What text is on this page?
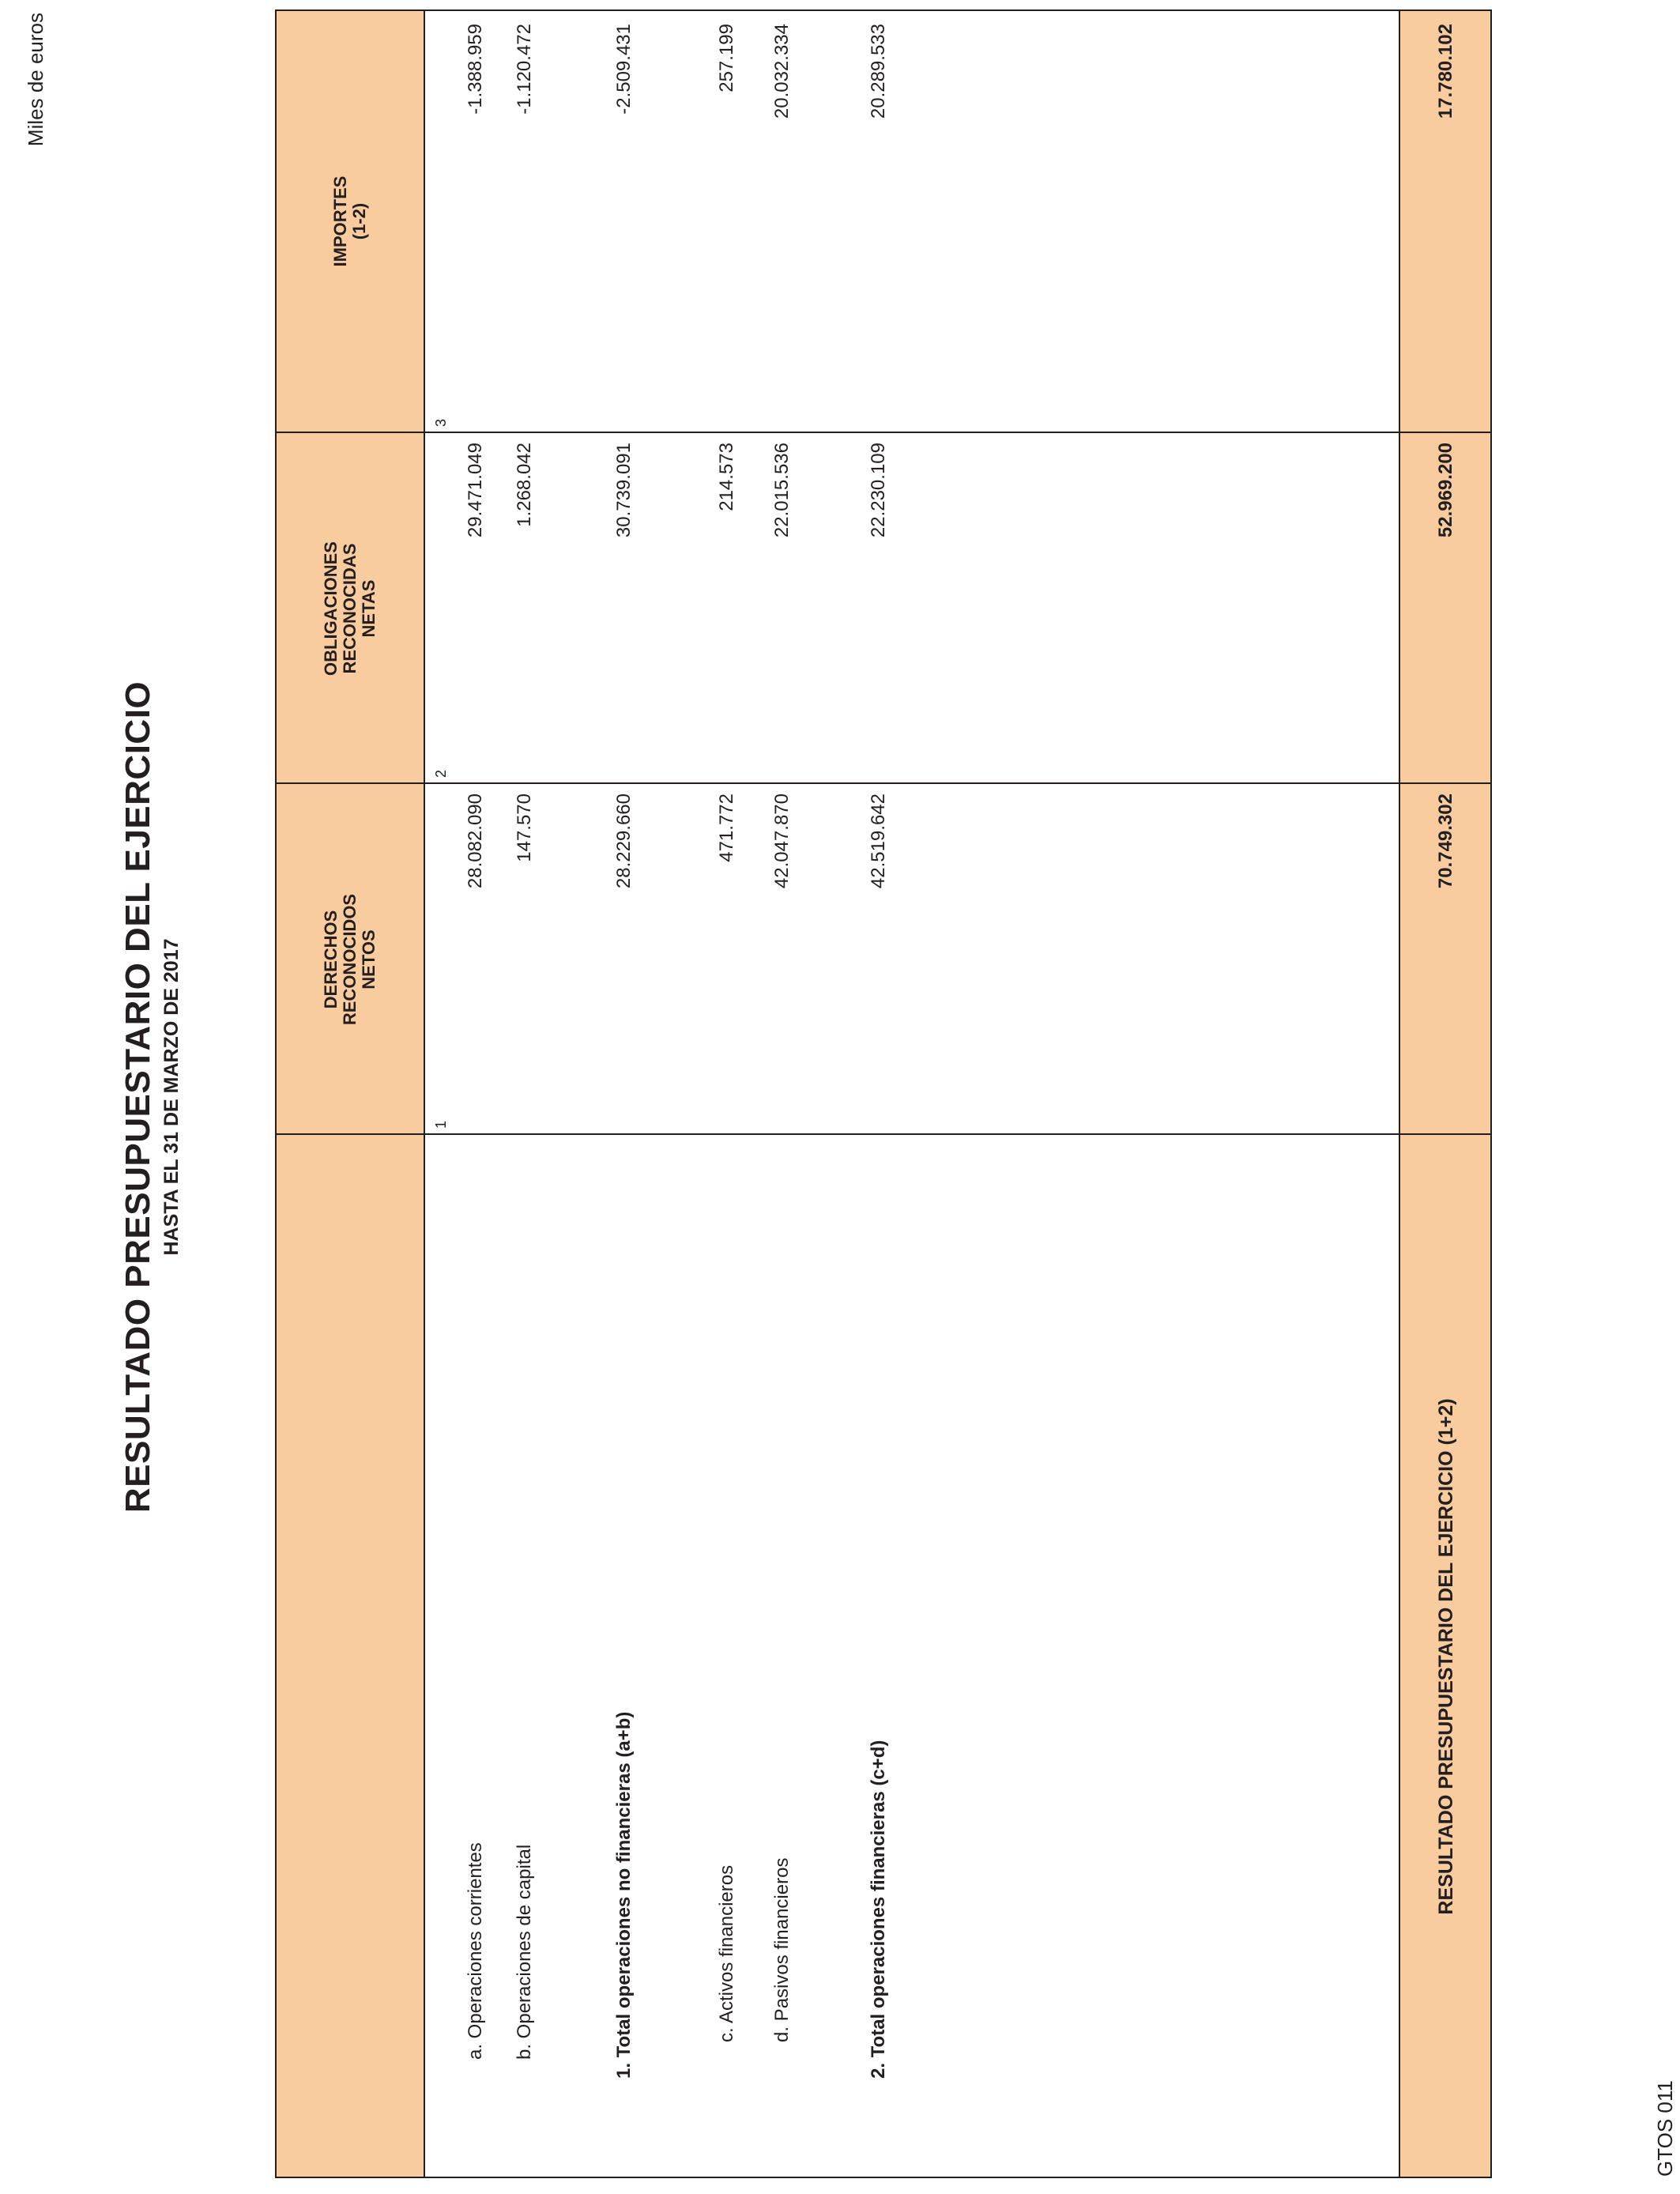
RESULTADO PRESUPUESTARIO DEL EJERCICIO HASTA EL 31 DE MARZO DE 2017
Miles de euros
DERECHOS
RECONOCIDOS
NETOS
OBLIGACIONES
RECONOCIDAS
NETAS
IMPORTES
(1-2)
1
2
3
a. Operaciones corrientes
28.082.090
29.471.049
-1.388.959
b. Operaciones de capital
147.570
1.268.042
-1.120.472
1. Total operaciones no financieras (a+b)
28.229.660
30.739.091
-2.509.431
c. Activos financieros
471.772
214.573
257.199
d. Pasivos financieros
42.047.870
22.015.536
20.032.334
2. Total operaciones financieras (c+d)
42.519.642
22.230.109
20.289.533
RESULTADO PRESUPUESTARIO DEL EJERCICIO (1+2)
70.749.302
52.969.200
17.780.102
GTOS 011
